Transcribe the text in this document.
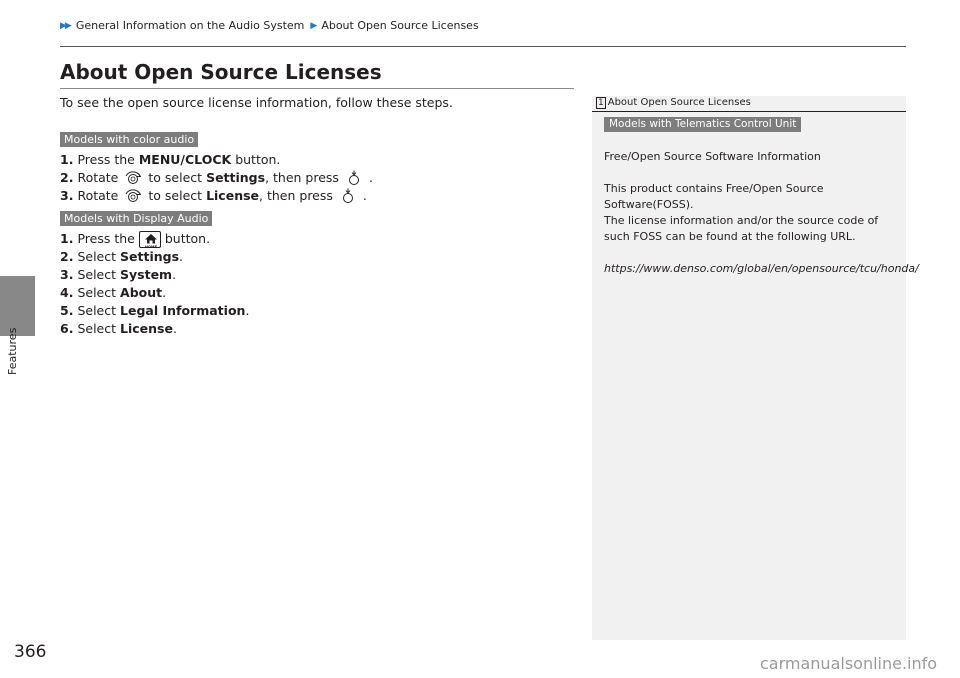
Features
▶▶ General Information on the Audio System ▶ About Open Source Licenses
About Open Source Licenses
To see the open source license information, follow these steps.
Models with color audio
1. Press the MENU/CLOCK button.
2. Rotate to select Settings , then press .
3. Rotate to select License , then press .
Models with Display Audio
1. Press the
HOME
button.
2. Select Settings .
3. Select System .
4. Select About .
5. Select Legal Information .
6. Select License .
1 About Open Source Licenses
Models with Telematics Control Unit

Free/Open Source Software Information

This product contains Free/Open Source Software(FOSS).

The license information and/or the source code of such FOSS can be found at the following URL.

https://www.denso.com/global/en/opensource/tcu/honda/

366
carmanualsonline.info
